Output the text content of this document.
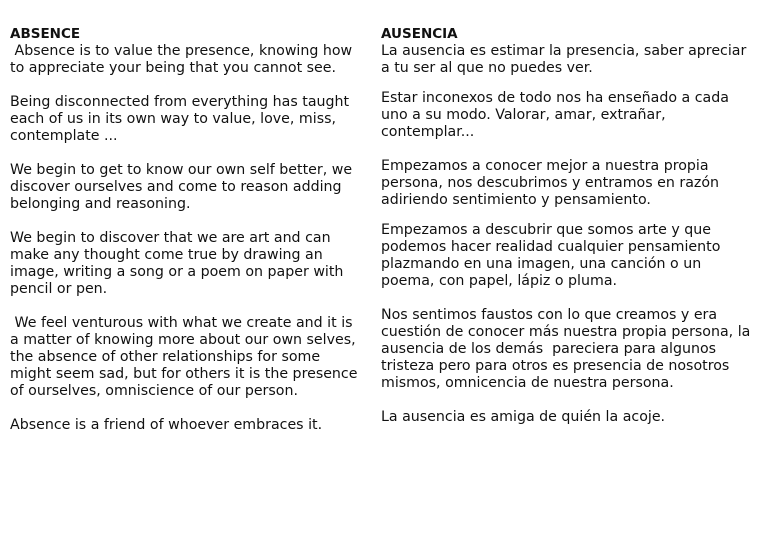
ABSENCE

Absence is to value the presence, knowing how to appreciate your being that you cannot see.

Being disconnected from everything has taught each of us in its own way to value, love, miss, contemplate ...

We begin to get to know our own self better, we discover ourselves and come to reason adding belonging and reasoning.

We begin to discover that we are art and can make any thought come true by drawing an image, writing a song or a poem on paper with pencil or pen.

We feel venturous with what we create and it is a matter of knowing more about our own selves, the absence of other relationships for some might seem sad, but for others it is the presence of ourselves, omniscience of our person.

Absence is a friend of whoever embraces it.

AUSENCIA

La ausencia es estimar la presencia, saber apreciar a tu ser al que no puedes ver.

Estar inconexos de todo nos ha enseñado a cada uno a su modo. Valorar, amar, extrañar, contemplar...

Empezamos a conocer mejor a nuestra propia persona, nos descubrimos y entramos en razón adiriendo sentimiento y pensamiento.

Empezamos a descubrir que somos arte y que podemos hacer realidad cualquier pensamiento plazmando en una imagen, una canción o un poema, con papel, lápiz o pluma.

Nos sentimos faustos con lo que creamos y era cuestión de conocer más nuestra propia persona, la ausencia de los demás  pareciera para algunos tristeza pero para otros es presencia de nosotros mismos, omnicencia de nuestra persona.

La ausencia es amiga de quién la acoje.
